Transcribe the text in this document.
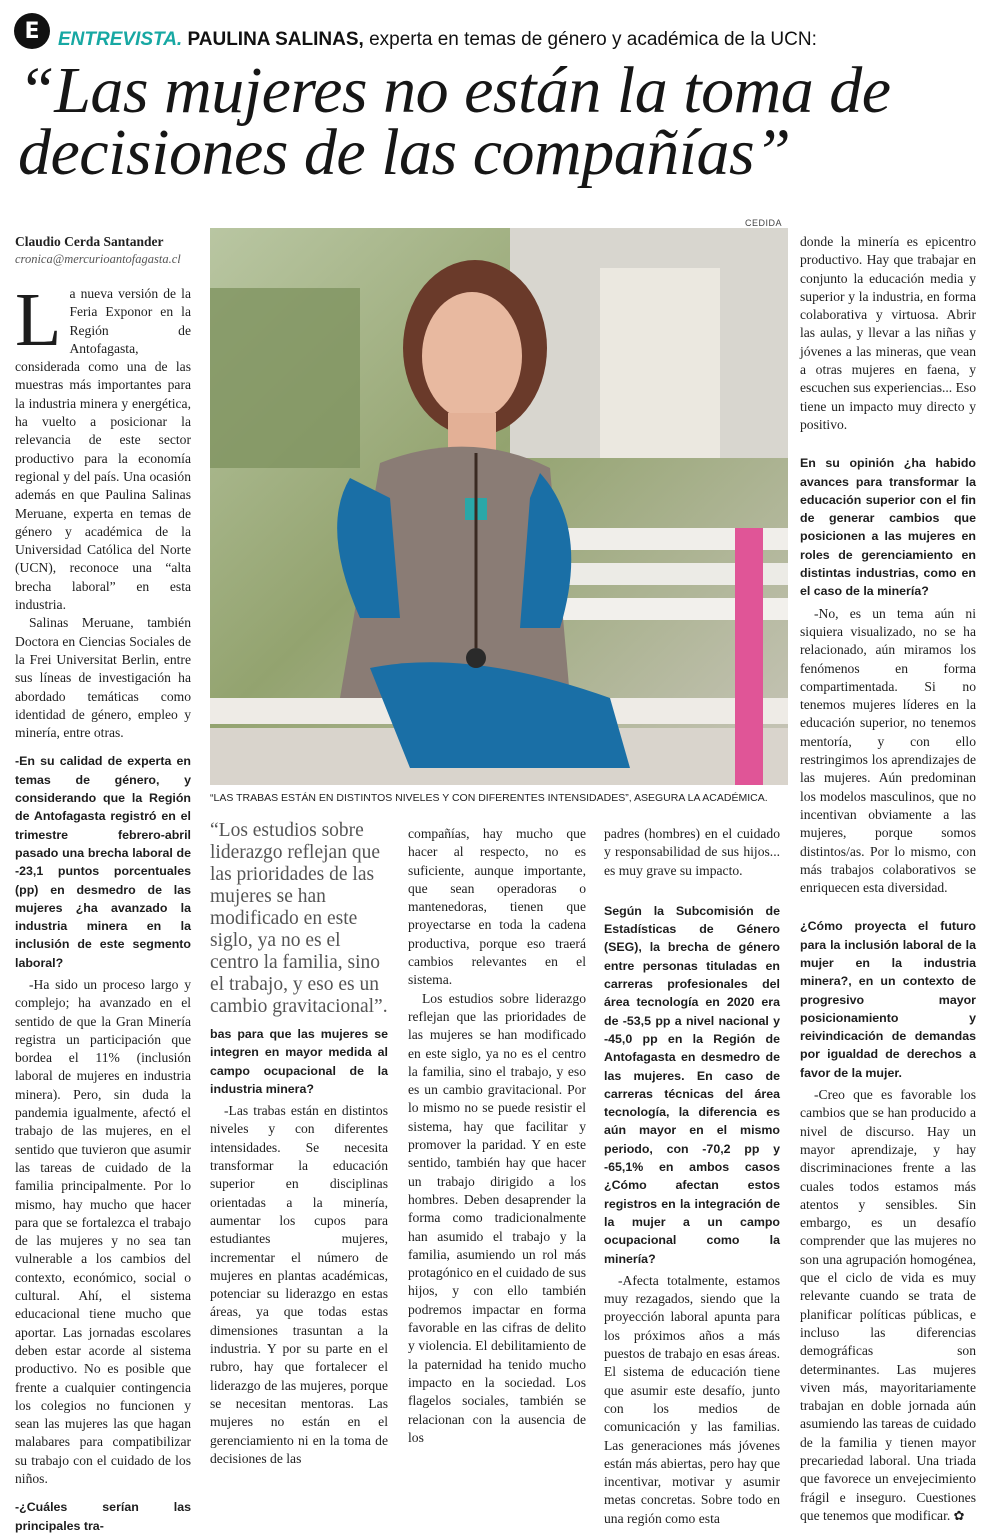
E ENTREVISTA. PAULINA SALINAS, experta en temas de género y académica de la UCN:
“Las mujeres no están la toma de decisiones de las compañías”
CEDIDA
Claudio Cerda Santander
cronica@mercurioantofagasta.cl

La nueva versión de la Feria Exponor en la Región de Antofagasta, considerada como una de las muestras más importantes para la industria minera y energética, ha vuelto a posicionar la relevancia de este sector productivo para la economía regional y del país. Una ocasión además en que Paulina Salinas Meruane, experta en temas de género y académica de la Universidad Católica del Norte (UCN), reconoce una “alta brecha laboral” en esta industria.

Salinas Meruane, también Doctora en Ciencias Sociales de la Frei Universitat Berlin, entre sus líneas de investigación ha abordado temáticas como identidad de género, empleo y minería, entre otras.

-En su calidad de experta en temas de género, y considerando que la Región de Antofagasta registró en el trimestre febrero-abril pasado una brecha laboral de -23,1 puntos porcentuales (pp) en desmedro de las mujeres ¿ha avanzado la industria minera en la inclusión de este segmento laboral?

-Ha sido un proceso largo y complejo; ha avanzado en el sentido de que la Gran Minería registra un participación que bordea el 11% (inclusión laboral de mujeres en industria minera). Pero, sin duda la pandemia igualmente, afectó el trabajo de las mujeres, en el sentido que tuvieron que asumir las tareas de cuidado de la familia principalmente. Por lo mismo, hay mucho que hacer para que se fortalezca el trabajo de las mujeres y no sea tan vulnerable a los cambios del contexto, económico, social o cultural. Ahí, el sistema educacional tiene mucho que aportar. Las jornadas escolares deben estar acorde al sistema productivo. No es posible que frente a cualquier contingencia los colegios no funcionen y sean las mujeres las que hagan malabares para compatibilizar su trabajo con el cuidado de los niños.

-¿Cuáles serían las principales tra-

“LAS TRABAS ESTÁN EN DISTINTOS NIVELES Y CON DIFERENTES INTENSIDADES”, ASEGURA LA ACADÉMICA.
“Los estudios sobre liderazgo reflejan que las prioridades de las mujeres se han modificado en este siglo, ya no es el centro la familia, sino el trabajo, y eso es un cambio gravitacional”.

bas para que las mujeres se integren en mayor medida al campo ocupacional de la industria minera?

-Las trabas están en distintos niveles y con diferentes intensidades. Se necesita transformar la educación superior en disciplinas orientadas a la minería, aumentar los cupos para estudiantes mujeres, incrementar el número de mujeres en plantas académicas, potenciar su liderazgo en estas áreas, ya que todas estas dimensiones trasuntan a la industria. Y por su parte en el rubro, hay que fortalecer el liderazgo de las mujeres, porque se necesitan mentoras. Las mujeres no están en el gerenciamiento ni en la toma de decisiones de las

compañías, hay mucho que hacer al respecto, no es suficiente, aunque importante, que sean operadoras o mantenedoras, tienen que proyectarse en toda la cadena productiva, porque eso traerá cambios relevantes en el sistema.

Los estudios sobre liderazgo reflejan que las prioridades de las mujeres se han modificado en este siglo, ya no es el centro la familia, sino el trabajo, y eso es un cambio gravitacional. Por lo mismo no se puede resistir el sistema, hay que facilitar y promover la paridad. Y en este sentido, también hay que hacer un trabajo dirigido a los hombres. Deben desaprender la forma como tradicionalmente han asumido el trabajo y la familia, asumiendo un rol más protagónico en el cuidado de sus hijos, y con ello también podremos impactar en forma favorable en las cifras de delito y violencia. El debilitamiento de la paternidad ha tenido mucho impacto en la sociedad. Los flagelos sociales, también se relacionan con la ausencia de los

padres (hombres) en el cuidado y responsabilidad de sus hijos... es muy grave su impacto.

Según la Subcomisión de Estadísticas de Género (SEG), la brecha de género entre personas tituladas en carreras profesionales del área tecnología en 2020 era de -53,5 pp a nivel nacional y -45,0 pp en la Región de Antofagasta en desmedro de las mujeres. En caso de carreras técnicas del área tecnología, la diferencia es aún mayor en el mismo periodo, con -70,2 pp y -65,1% en ambos casos ¿Cómo afectan estos registros en la integración de la mujer a un campo ocupacional como la minería?

-Afecta totalmente, estamos muy rezagados, siendo que la proyección laboral apunta para los próximos años a más puestos de trabajo en esas áreas. El sistema de educación tiene que asumir este desafío, junto con los medios de comunicación y las familias. Las generaciones más jóvenes están más abiertas, pero hay que incentivar, motivar y asumir metas concretas. Sobre todo en una región como esta

donde la minería es epicentro productivo. Hay que trabajar en conjunto la educación media y superior y la industria, en forma colaborativa y virtuosa. Abrir las aulas, y llevar a las niñas y jóvenes a las mineras, que vean a otras mujeres en faena, y escuchen sus experiencias... Eso tiene un impacto muy directo y positivo.

En su opinión ¿ha habido avances para transformar la educación superior con el fin de generar cambios que posicionen a las mujeres en roles de gerenciamiento en distintas industrias, como en el caso de la minería?

-No, es un tema aún ni siquiera visualizado, no se ha relacionado, aún miramos los fenómenos en forma compartimentada. Si no tenemos mujeres líderes en la educación superior, no tenemos mentoría, y con ello restringimos los aprendizajes de las mujeres. Aún predominan los modelos masculinos, que no incentivan obviamente a las mujeres, porque somos distintos/as. Por lo mismo, con más trabajos colaborativos se enriquecen esta diversidad.

¿Cómo proyecta el futuro para la inclusión laboral de la mujer en la industria minera?, en un contexto de progresivo mayor posicionamiento y reivindicación de demandas por igualdad de derechos a favor de la mujer.

-Creo que es favorable los cambios que se han producido a nivel de discurso. Hay un mayor aprendizaje, y hay discriminaciones frente a las cuales todos estamos más atentos y sensibles. Sin embargo, es un desafío comprender que las mujeres no son una agrupación homogénea, que el ciclo de vida es muy relevante cuando se trata de planificar políticas públicas, e incluso las diferencias demográficas son determinantes. Las mujeres viven más, mayoritariamente trabajan en doble jornada aún asumiendo las tareas de cuidado de la familia y tienen mayor precariedad laboral. Una triada que favorece un envejecimiento frágil e inseguro. Cuestiones que tenemos que modificar. ✿
